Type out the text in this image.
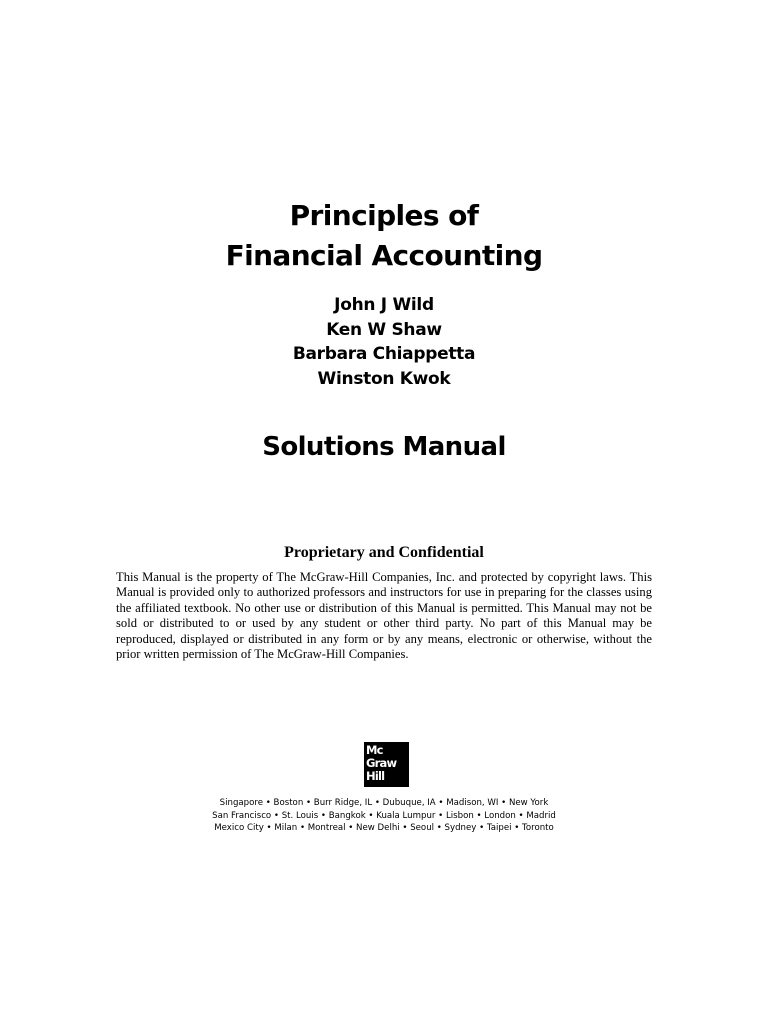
Principles of
Financial Accounting
John J Wild
Ken W Shaw
Barbara Chiappetta
Winston Kwok
Solutions Manual
Proprietary and Confidential
This Manual is the property of The McGraw-Hill Companies, Inc. and protected by copyright laws. This Manual is provided only to authorized professors and instructors for use in preparing for the classes using the affiliated textbook. No other use or distribution of this Manual is permitted. This Manual may not be sold or distributed to or used by any student or other third party. No part of this Manual may be reproduced, displayed or distributed in any form or by any means, electronic or otherwise, without the prior written permission of The McGraw-Hill Companies.
Mc
Graw
Hill
Singapore • Boston • Burr Ridge, IL • Dubuque, IA • Madison, WI • New York
San Francisco • St. Louis • Bangkok • Kuala Lumpur • Lisbon • London • Madrid
Mexico City • Milan • Montreal • New Delhi • Seoul • Sydney • Taipei • Toronto
